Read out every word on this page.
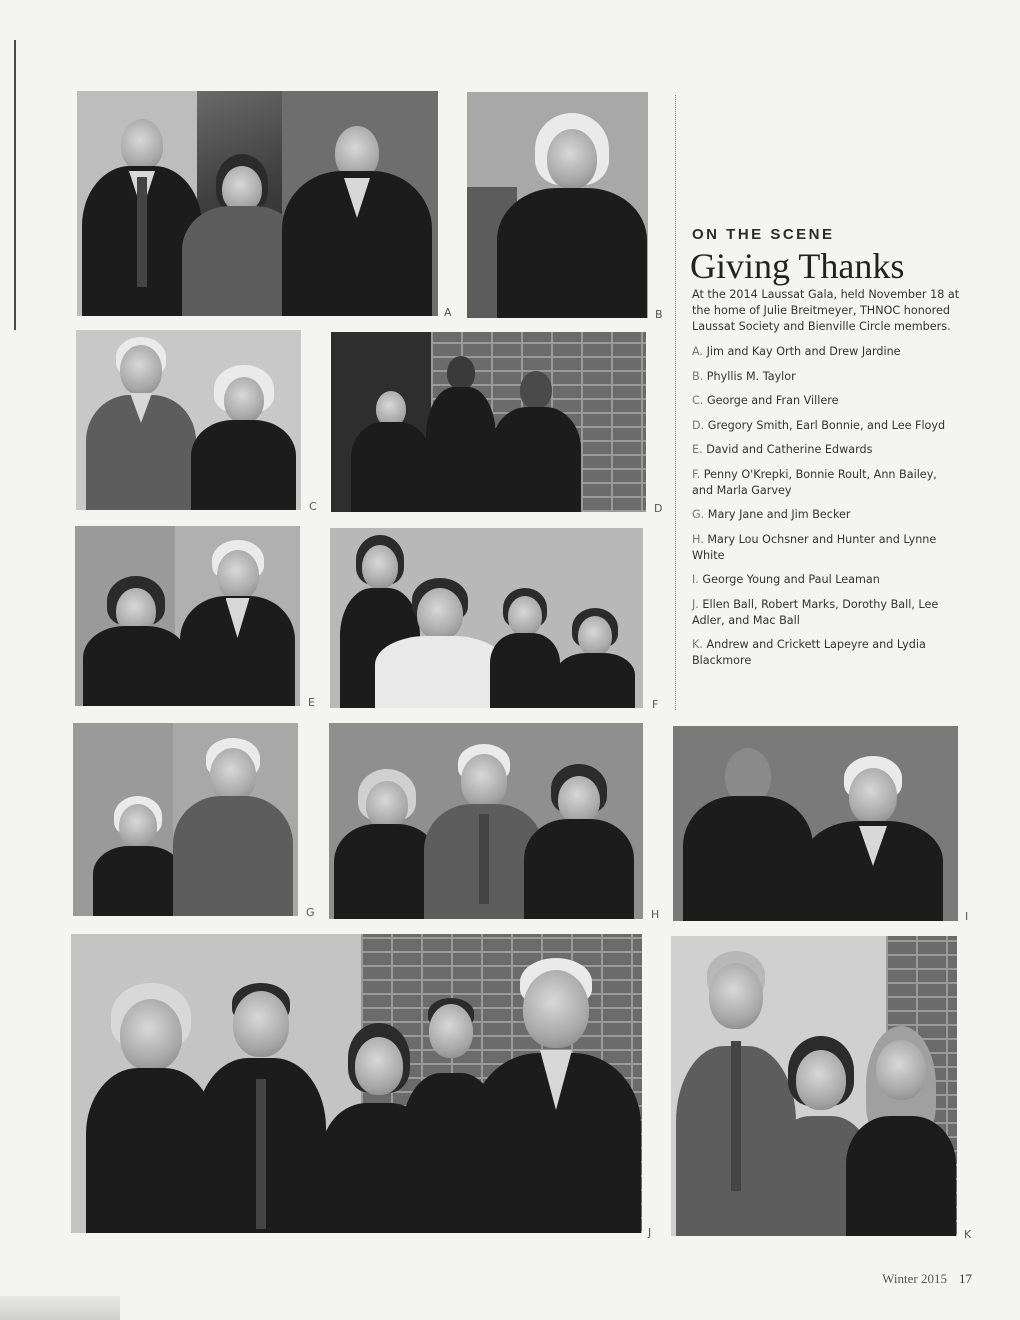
A	B
C	D
E	F
G	H	I
J	K
ON THE SCENE
Giving Thanks

At the 2014 Laussat Gala, held November 18 at the home of Julie Breitmeyer, THNOC honored Laussat Society and Bienville Circle members.

A. Jim and Kay Orth and Drew Jardine
B. Phyllis M. Taylor
C. George and Fran Villere
D. Gregory Smith, Earl Bonnie, and Lee Floyd
E. David and Catherine Edwards
F. Penny O'Krepki, Bonnie Roult, Ann Bailey, and Marla Garvey
G. Mary Jane and Jim Becker
H. Mary Lou Ochsner and Hunter and Lynne White
I. George Young and Paul Leaman
J. Ellen Ball, Robert Marks, Dorothy Ball, Lee Adler, and Mac Ball
K. Andrew and Crickett Lapeyre and Lydia Blackmore
Winter 2015 17
